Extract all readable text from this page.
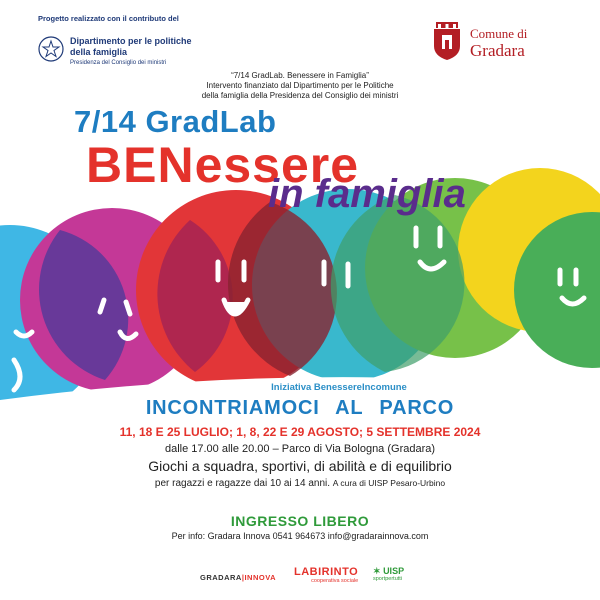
Progetto realizzato con il contributo del
Dipartimento per le politiche della famiglia
Presidenza del Consiglio dei ministri
Comune di
Gradara
“7/14 GradLab. Benessere in Famiglia”
Intervento finanziato dal Dipartimento per le Politiche
della famiglia della Presidenza del Consiglio dei ministri
7/14 GradLab
BENessere
in famiglia
Iniziativa BenessereIncomune
INCONTRIAMOCI AL PARCO
11, 18 E 25 LUGLIO; 1, 8, 22 E 29 AGOSTO; 5 SETTEMBRE 2024
dalle 17.00 alle 20.00 – Parco di Via Bologna (Gradara)
Giochi a squadra, sportivi, di abilità e di equilibrio
per ragazzi e ragazze dai 10 ai 14 anni. A cura di UISP Pesaro-Urbino
INGRESSO LIBERO
Per info: Gradara Innova 0541 964673 info@gradarainnova.com
GRADARA|INNOVA LABIRINTO
cooperativa sociale
✶ UISP
sportpertutti
